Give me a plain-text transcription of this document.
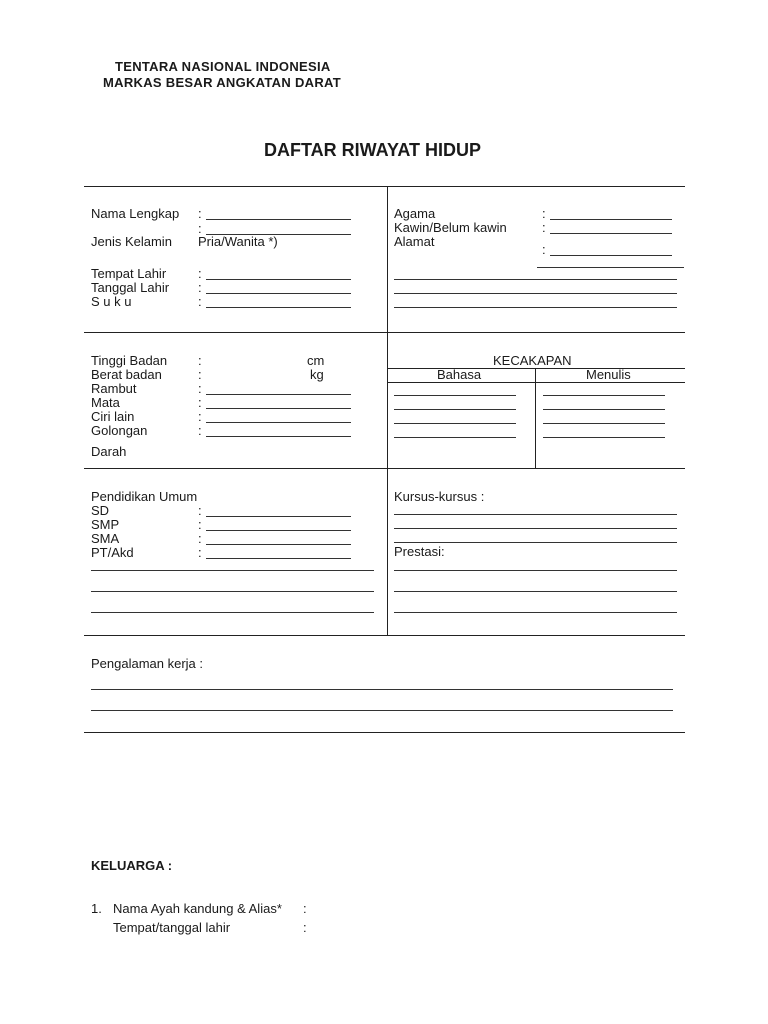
TENTARA NASIONAL INDONESIA
MARKAS BESAR ANGKATAN DARAT
DAFTAR RIWAYAT HIDUP
Nama Lengkap :
:
Jenis Kelamin Pria/Wanita *)
Tempat Lahir :
Tanggal Lahir :
S u k u	:
Agama	:
Kawin/Belum kawin	:
Alamat
:
Tinggi Badan :	cm
Berat badan	:	kg
Rambut	:
Mata	:
Ciri lain	:
Golongan	:
Darah
KECAKAPAN
Bahasa	Menulis
Pendidikan Umum
SD	:
SMP	:
SMA	:
PT/Akd	:
Kursus-kursus :
Prestasi:
Pengalaman kerja :
KELUARGA :
1. Nama Ayah kandung & Alias* :
Tempat/tanggal lahir	:
